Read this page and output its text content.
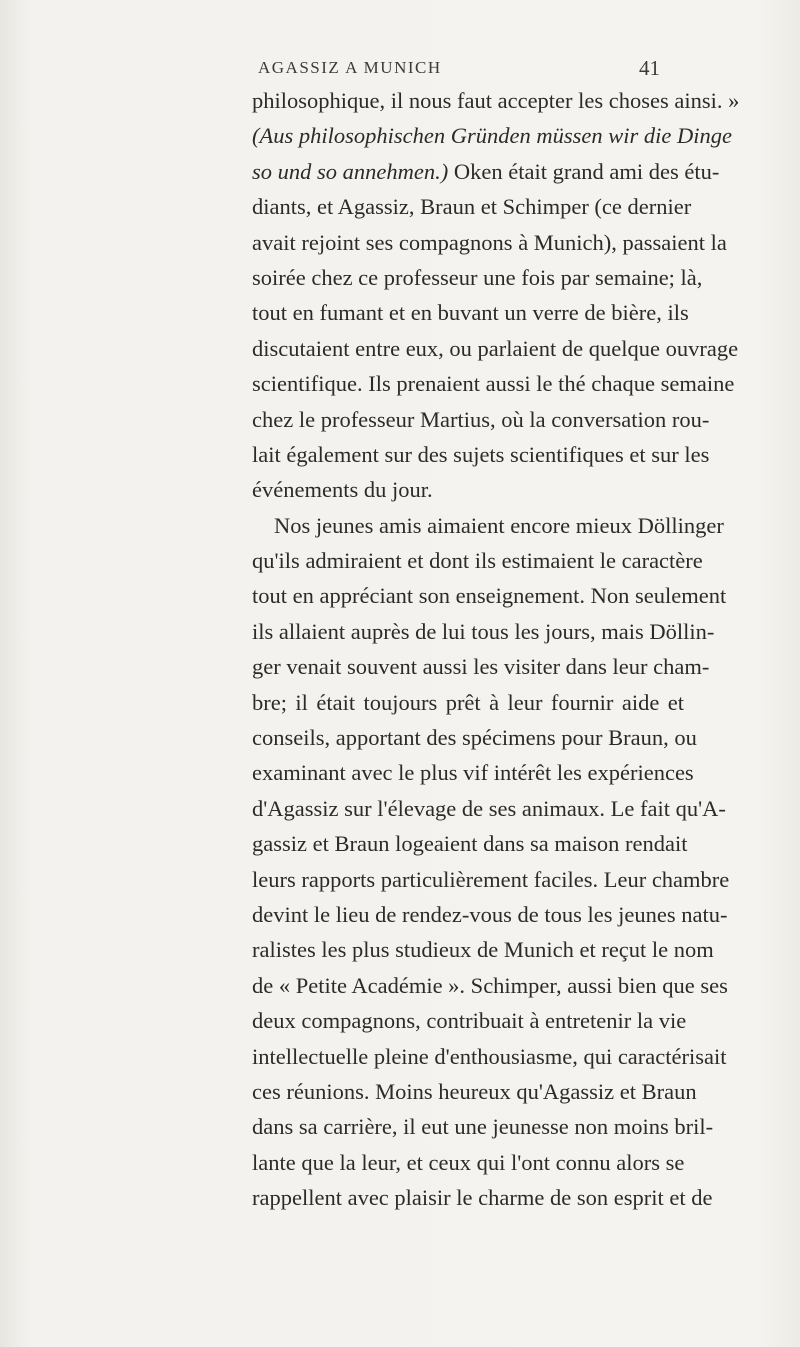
AGASSIZ A MUNICH	41
philosophique, il nous faut accepter les choses ainsi. »
(Aus philosophischen Gründen müssen wir die Dinge
so und so annehmen.) Oken était grand ami des étu-
diants, et Agassiz, Braun et Schimper (ce dernier
avait rejoint ses compagnons à Munich), passaient la
soirée chez ce professeur une fois par semaine; là,
tout en fumant et en buvant un verre de bière, ils
discutaient entre eux, ou parlaient de quelque ouvrage
scientifique. Ils prenaient aussi le thé chaque semaine
chez le professeur Martius, où la conversation rou-
lait également sur des sujets scientifiques et sur les
événements du jour.
Nos jeunes amis aimaient encore mieux Döllinger
qu'ils admiraient et dont ils estimaient le caractère
tout en appréciant son enseignement. Non seulement
ils allaient auprès de lui tous les jours, mais Döllin-
ger venait souvent aussi les visiter dans leur cham-
bre; il était toujours prêt à leur fournir aide et
conseils, apportant des spécimens pour Braun, ou
examinant avec le plus vif intérêt les expériences
d'Agassiz sur l'élevage de ses animaux. Le fait qu'A-
gassiz et Braun logeaient dans sa maison rendait
leurs rapports particulièrement faciles. Leur chambre
devint le lieu de rendez-vous de tous les jeunes natu-
ralistes les plus studieux de Munich et reçut le nom
de « Petite Académie ». Schimper, aussi bien que ses
deux compagnons, contribuait à entretenir la vie
intellectuelle pleine d'enthousiasme, qui caractérisait
ces réunions. Moins heureux qu'Agassiz et Braun
dans sa carrière, il eut une jeunesse non moins bril-
lante que la leur, et ceux qui l'ont connu alors se
rappellent avec plaisir le charme de son esprit et de
